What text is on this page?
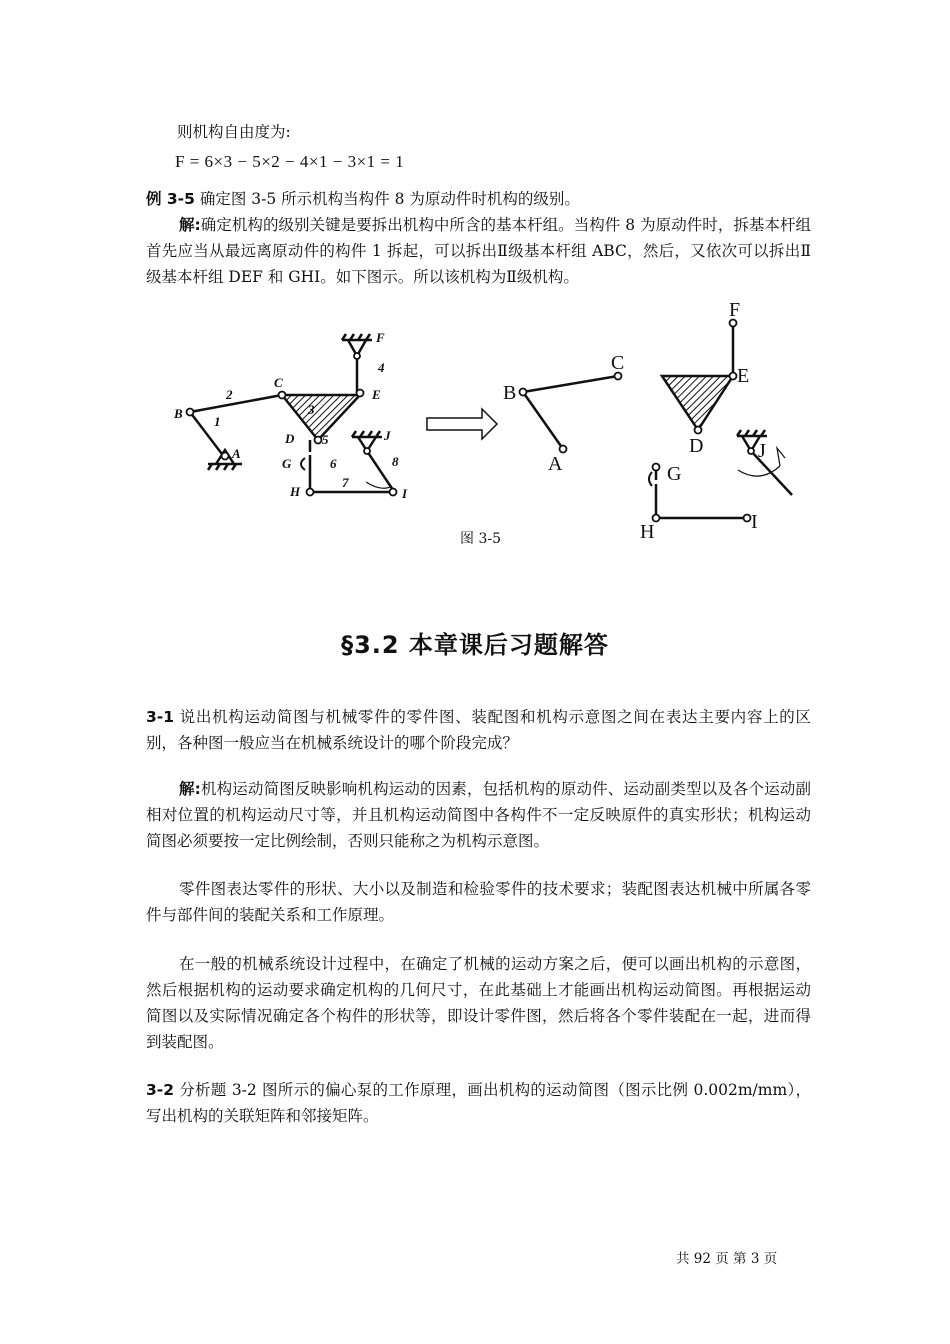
则机构自由度为:

F = 6×3 − 5×2 − 4×1 − 3×1 = 1

例 3-5 确定图 3-5 所示机构当构件 8 为原动件时机构的级别。

解:确定机构的级别关键是要拆出机构中所含的基本杆组。当构件 8 为原动件时，拆基本杆组首先应当从最远离原动件的构件 1 拆起，可以拆出Ⅱ级基本杆组 ABC，然后，又依次可以拆出Ⅱ级基本杆组 DEF 和 GHI。如下图示。所以该机构为Ⅱ级机构。

F
4
2
C
E
B	3
1
D 5	J
A
G	6	8
H
7
I
F
C
B
E
A
D	J
G
H	I
图 3-5
§3.2 本章课后习题解答

3-1 说出机构运动简图与机械零件的零件图、装配图和机构示意图之间在表达主要内容上的区别，各种图一般应当在机械系统设计的哪个阶段完成？

解:机构运动简图反映影响机构运动的因素，包括机构的原动件、运动副类型以及各个运动副相对位置的机构运动尺寸等，并且机构运动简图中各构件不一定反映原件的真实形状；机构运动简图必须要按一定比例绘制，否则只能称之为机构示意图。

零件图表达零件的形状、大小以及制造和检验零件的技术要求；装配图表达机械中所属各零件与部件间的装配关系和工作原理。

在一般的机械系统设计过程中，在确定了机械的运动方案之后，便可以画出机构的示意图，然后根据机构的运动要求确定机构的几何尺寸，在此基础上才能画出机构运动简图。再根据运动简图以及实际情况确定各个构件的形状等，即设计零件图，然后将各个零件装配在一起，进而得到装配图。

3-2 分析题 3-2 图所示的偏心泵的工作原理，画出机构的运动简图（图示比例 0.002m/mm），写出机构的关联矩阵和邻接矩阵。

共 92 页 第 3 页
